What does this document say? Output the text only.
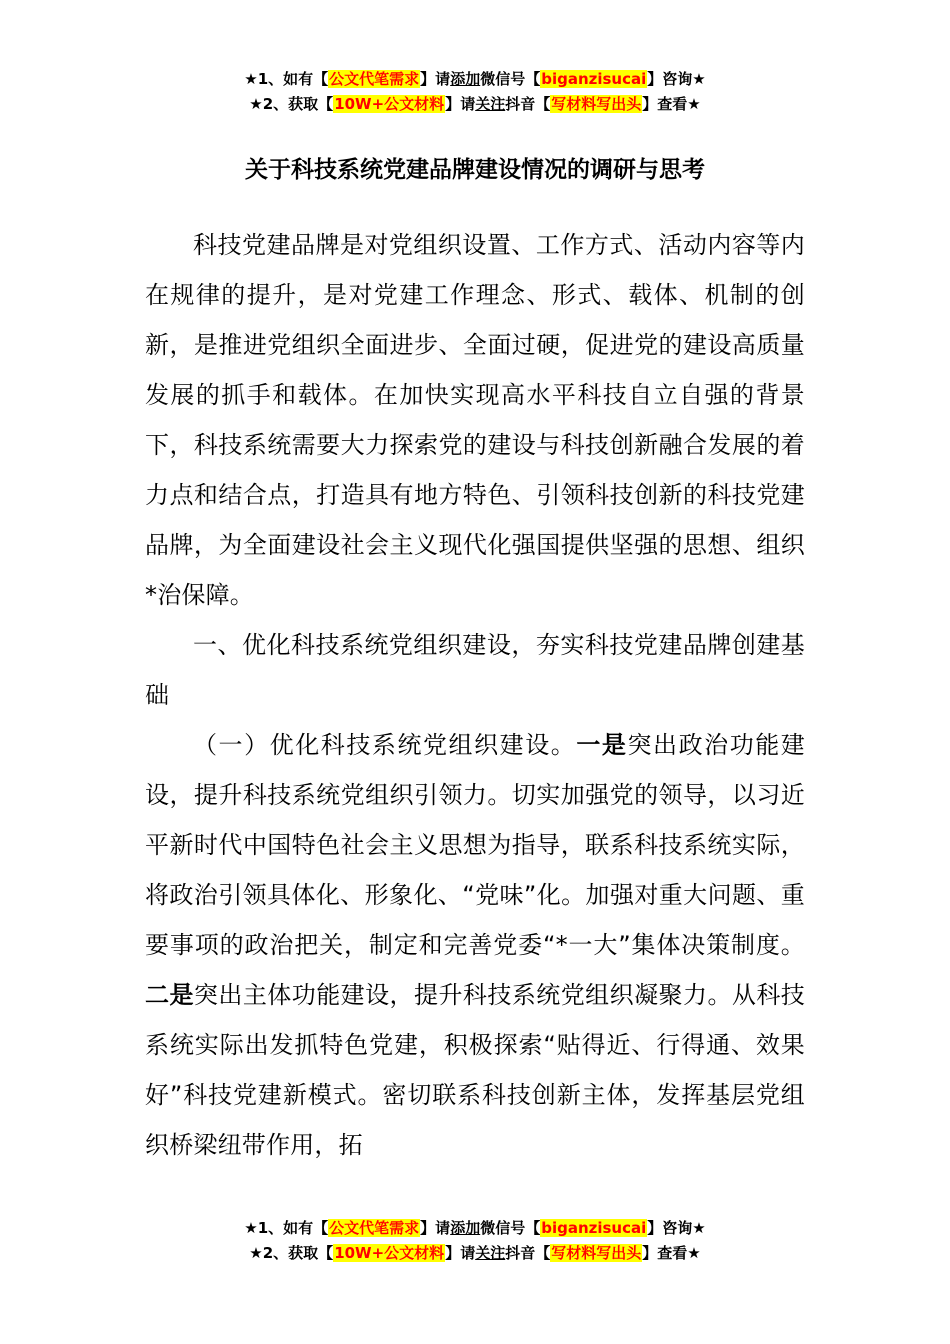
★1、如有【公文代笔需求】请添加微信号【biganzisucai】咨询★
★2、获取【10W+公文材料】请关注抖音【写材料写出头】查看★
关于科技系统党建品牌建设情况的调研与思考

科技党建品牌是对党组织设置、工作方式、活动内容等内在规律的提升，是对党建工作理念、形式、载体、机制的创新，是推进党组织全面进步、全面过硬，促进党的建设高质量发展的抓手和载体。在加快实现高水平科技自立自强的背景下，科技系统需要大力探索党的建设与科技创新融合发展的着力点和结合点，打造具有地方特色、引领科技创新的科技党建品牌，为全面建设社会主义现代化强国提供坚强的思想、组织*治保障。

一、优化科技系统党组织建设，夯实科技党建品牌创建基础

（一）优化科技系统党组织建设。一是突出政治功能建设，提升科技系统党组织引领力。切实加强党的领导，以习近平新时代中国特色社会主义思想为指导，联系科技系统实际，将政治引领具体化、形象化、“党味”化。加强对重大问题、重要事项的政治把关，制定和完善党委“*一大”集体决策制度。二是突出主体功能建设，提升科技系统党组织凝聚力。从科技系统实际出发抓特色党建，积极探索“贴得近、行得通、效果好”科技党建新模式。密切联系科技创新主体，发挥基层党组织桥梁纽带作用，拓

★1、如有【公文代笔需求】请添加微信号【biganzisucai】咨询★
★2、获取【10W+公文材料】请关注抖音【写材料写出头】查看★
